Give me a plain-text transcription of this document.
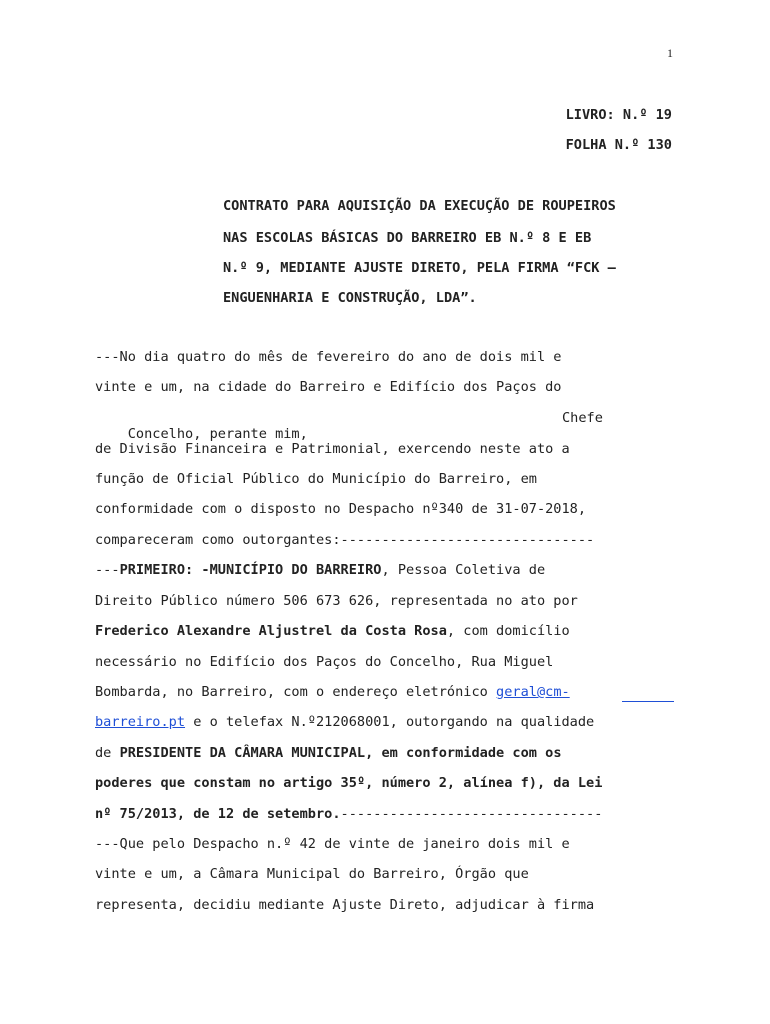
1
LIVRO: N.º 19
FOLHA N.º 130
CONTRATO PARA AQUISIÇÃO DA EXECUÇÃO DE ROUPEIROS
NAS ESCOLAS BÁSICAS DO BARREIRO EB N.º 8 E EB
N.º 9, MEDIANTE AJUSTE DIRETO, PELA FIRMA “FCK –
ENGUENHARIA E CONSTRUÇÃO, LDA”.
---No dia quatro do mês de fevereiro do ano de dois mil e
vinte e um, na cidade do Barreiro e Edifício dos Paços do

Concelho, perante mim,

Chefe
de Divisão Financeira e Patrimonial, exercendo neste ato a
função de Oficial Público do Município do Barreiro, em
conformidade com o disposto no Despacho nº340 de 31-07-2018,
compareceram como outorgantes:-------------------------------
---PRIMEIRO: -MUNICÍPIO DO BARREIRO, Pessoa Coletiva de
Direito Público número 506 673 626, representada no ato por
Frederico Alexandre Aljustrel da Costa Rosa, com domicílio
necessário no Edifício dos Paços do Concelho, Rua Miguel
Bombarda, no Barreiro, com o endereço eletrónico geral@cm-
barreiro.pt e o telefax N.º212068001, outorgando na qualidade
de PRESIDENTE DA CÂMARA MUNICIPAL, em conformidade com os
poderes que constam no artigo 35º, número 2, alínea f), da Lei
nº 75/2013, de 12 de setembro.--------------------------------
---Que pelo Despacho n.º 42 de vinte de janeiro dois mil e
vinte e um, a Câmara Municipal do Barreiro, Órgão que
representa, decidiu mediante Ajuste Direto, adjudicar à firma
